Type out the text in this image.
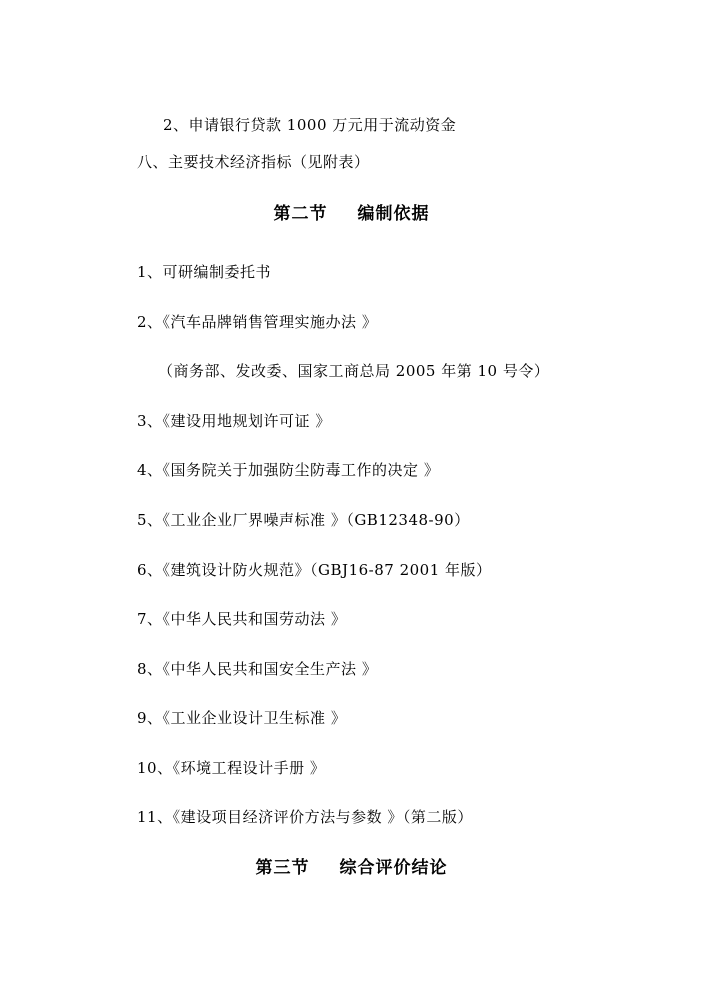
2、申请银行贷款 1000 万元用于流动资金
八、主要技术经济指标（见附表）
第二节 编制依据
1、可研编制委托书
2、《汽车品牌销售管理实施办法 》
（商务部、发改委、国家工商总局 2005 年第 10 号令）
3、《建设用地规划许可证 》
4、《国务院关于加强防尘防毒工作的决定 》
5、《工业企业厂界噪声标准 》（GB12348-90）
6、《建筑设计防火规范》（GBJ16-87 2001 年版）
7、《中华人民共和国劳动法 》
8、《中华人民共和国安全生产法 》
9、《工业企业设计卫生标准 》
10、《环境工程设计手册 》
11、《建设项目经济评价方法与参数 》（第二版）
第三节 综合评价结论
